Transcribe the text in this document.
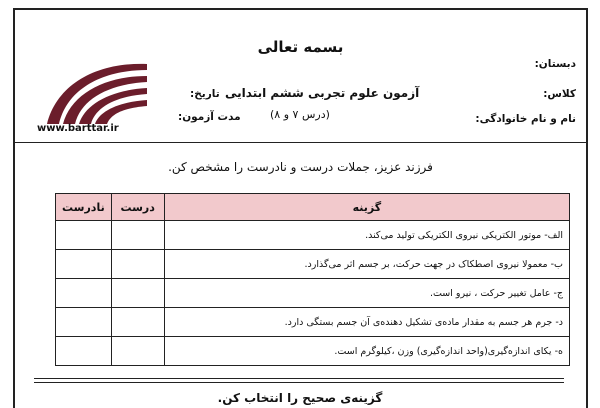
بسمه تعالی
دبستان:
کلاس:
نام و نام خانوادگی:
آزمون علوم تجربی ششم ابتدایی
(درس ۷ و ۸)
تاریخ:
مدت آزمون:
www.barttar.ir
فرزند عزیز، جملات درست و نادرست را مشخص کن.
گزینه	درست	نادرست
الف- موتور الکتریکی نیروی الکتریکی تولید می‌کند.		
ب- معمولا نیروی اصطکاک در جهت حرکت، بر جسم اثر می‌گذارد.		
ج- عامل تغییر حرکت ، نیرو است.		
د- جرم هر جسم به مقدار ماده‌ی تشکیل دهنده‌ی آن جسم بستگی دارد.		
ه- یکای اندازه‌گیری(واحد اندازه‌گیری) وزن ،کیلوگرم است.		
گزینه‌ی صحیح را انتخاب کن.
